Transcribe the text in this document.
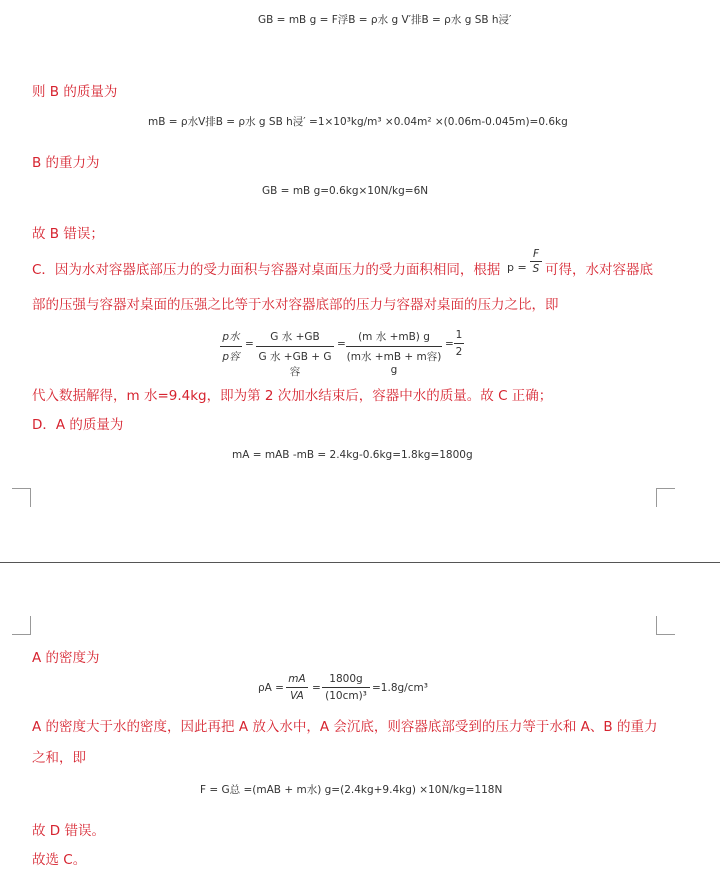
GB = mB g = F浮B = ρ水 g V′排B = ρ水 g SB h浸′
则 B 的质量为
mB = ρ水V排B = ρ水 g SB h浸′ =1×10³kg/m³ ×0.04m² ×(0.06m-0.045m)=0.6kg
B 的重力为
GB = mB g=0.6kg×10N/kg=6N
故 B 错误；
C．因为水对容器底部压力的受力面积与容器对桌面压力的受力面积相同，根据 p =
F
S 可得，水对容器底
部的压强与容器对桌面的压强之比等于水对容器底部的压力与容器对桌面的压力之比，即
p水
p容
=
G 水 +GB
G 水 +GB + G 容
=
(m 水 +mB) g
(m水 +mB + m容) g
=
1
2
代入数据解得，m 水=9.4kg，即为第 2 次加水结束后，容器中水的质量。故 C 正确；
D．A 的质量为
mA = mAB -mB = 2.4kg-0.6kg=1.8kg=1800g
A 的密度为
ρA =
mA
VA
=
1800g
(10cm)³
=1.8g/cm³
A 的密度大于水的密度，因此再把 A 放入水中，A 会沉底，则容器底部受到的压力等于水和 A、B 的重力
之和，即
F = G总 =(mAB + m水) g=(2.4kg+9.4kg) ×10N/kg=118N
故 D 错误。
故选 C。
